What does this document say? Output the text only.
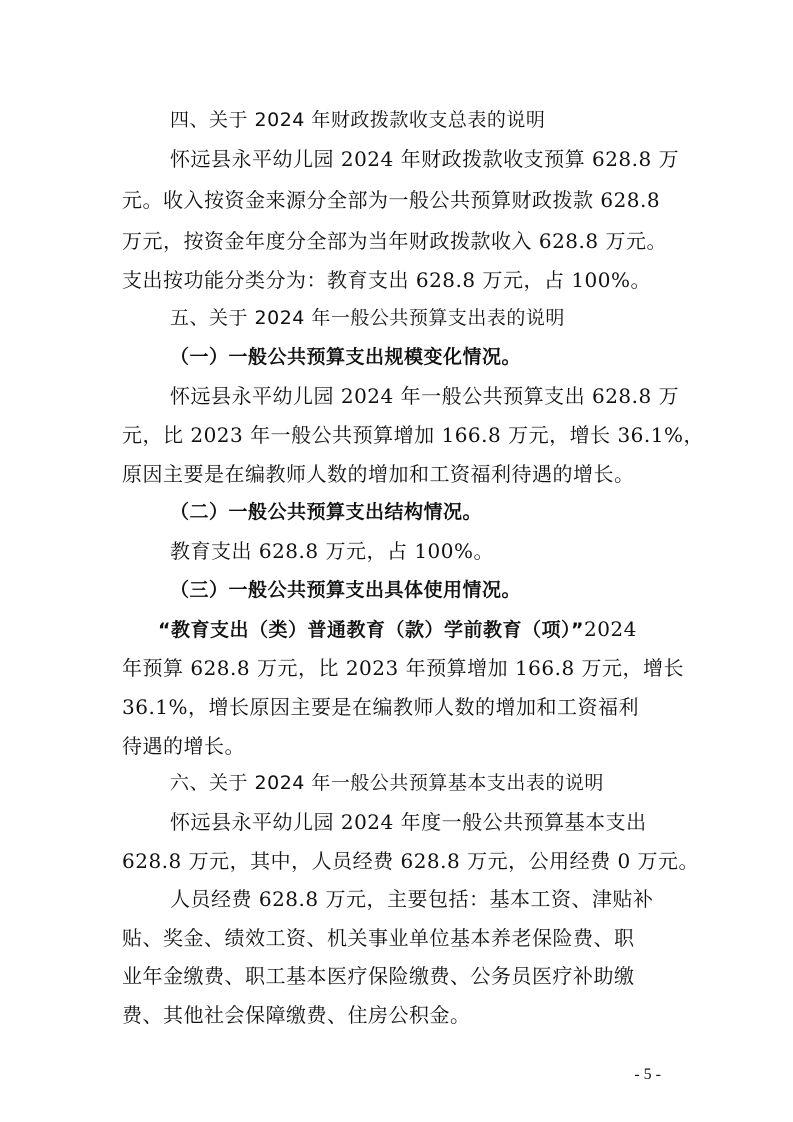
四、关于 2024 年财政拨款收支总表的说明
怀远县永平幼儿园 2024 年财政拨款收支预算 628.8 万
元。收入按资金来源分全部为一般公共预算财政拨款 628.8
万元，按资金年度分全部为当年财政拨款收入 628.8 万元。
支出按功能分类分为：教育支出 628.8 万元，占 100%。
五、关于 2024 年一般公共预算支出表的说明
（一）一般公共预算支出规模变化情况。
怀远县永平幼儿园 2024 年一般公共预算支出 628.8 万
元，比 2023 年一般公共预算增加 166.8 万元，增长 36.1%，
原因主要是在编教师人数的增加和工资福利待遇的增长。
（二）一般公共预算支出结构情况。
教育支出 628.8 万元，占 100%。
（三）一般公共预算支出具体使用情况。
“教育支出（类）普通教育（款）学前教育（项）”2024
年预算 628.8 万元，比 2023 年预算增加 166.8 万元，增长
36.1%，增长原因主要是在编教师人数的增加和工资福利
待遇的增长。
六、关于 2024 年一般公共预算基本支出表的说明
怀远县永平幼儿园 2024 年度一般公共预算基本支出
628.8 万元，其中，人员经费 628.8 万元，公用经费 0 万元。
人员经费 628.8 万元，主要包括：基本工资、津贴补
贴、奖金、绩效工资、机关事业单位基本养老保险费、职
业年金缴费、职工基本医疗保险缴费、公务员医疗补助缴
费、其他社会保障缴费、住房公积金。
- 5 -
